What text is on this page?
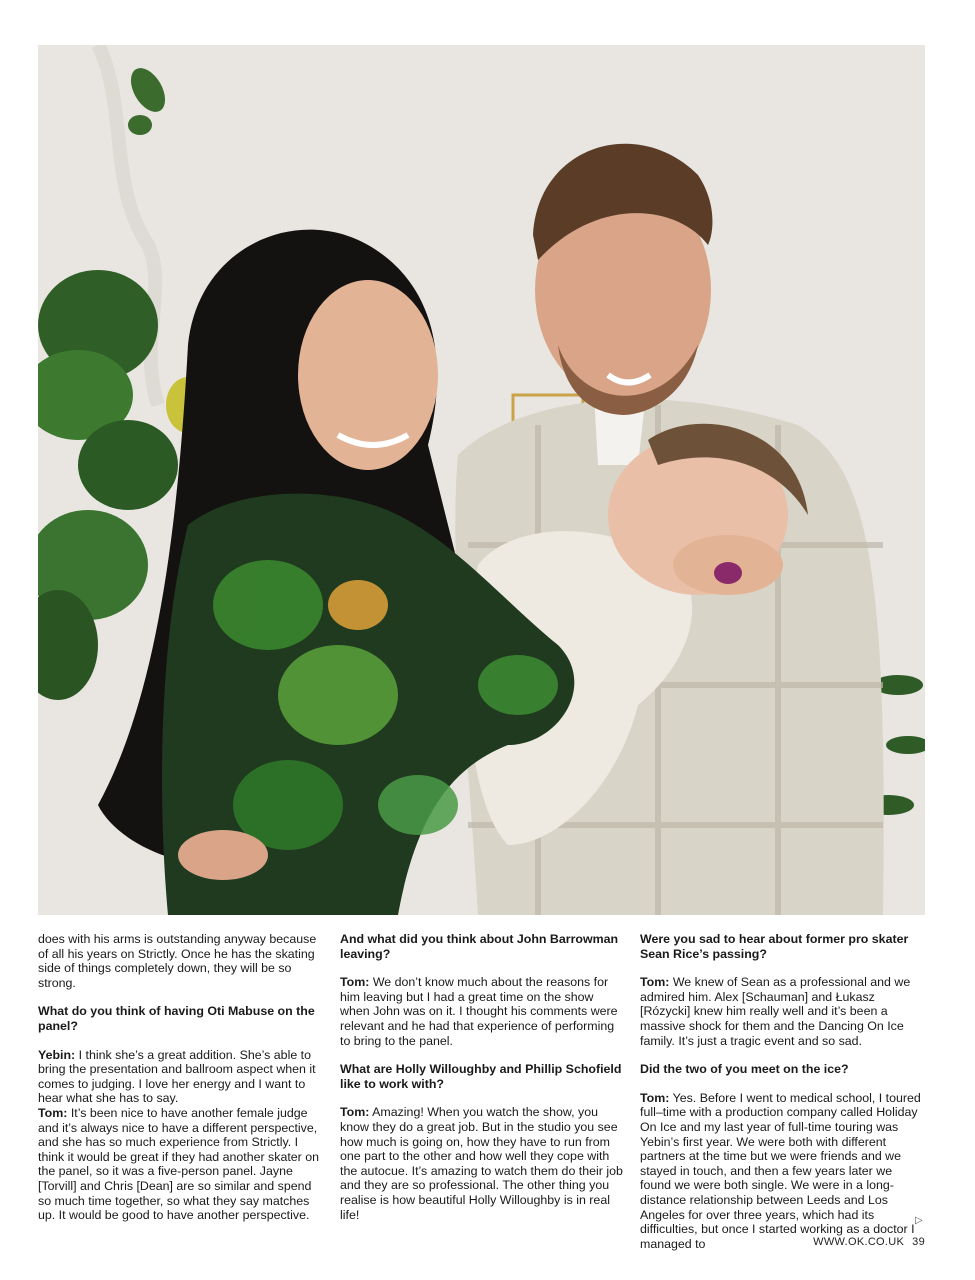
does with his arms is outstanding anyway because of all his years on Strictly. Once he has the skating side of things completely down, they will be so strong.

What do you think of having Oti Mabuse on the panel?

Yebin: I think she’s a great addition. She’s able to bring the presentation and ballroom aspect when it comes to judging. I love her energy and I want to hear what she has to say.

Tom: It’s been nice to have another female judge and it’s always nice to have a different perspective, and she has so much experience from Strictly. I think it would be great if they had another skater on the panel, so it was a five-person panel. Jayne [Torvill] and Chris [Dean] are so similar and spend so much time together, so what they say matches up. It would be good to have another perspective.

And what did you think about John Barrowman leaving?

Tom: We don’t know much about the reasons for him leaving but I had a great time on the show when John was on it. I thought his comments were relevant and he had that experience of performing to bring to the panel.

What are Holly Willoughby and Phillip Schofield like to work with?

Tom: Amazing! When you watch the show, you know they do a great job. But in the studio you see how much is going on, how they have to run from one part to the other and how well they cope with the autocue. It’s amazing to watch them do their job and they are so professional. The other thing you realise is how beautiful Holly Willoughby is in real life!

Were you sad to hear about former pro skater Sean Rice’s passing?

Tom: We knew of Sean as a professional and we admired him. Alex [Schauman] and Łukasz [Rózycki] knew him really well and it’s been a massive shock for them and the Dancing On Ice family. It’s just a tragic event and so sad.

Did the two of you meet on the ice?

Tom: Yes. Before I went to medical school, I toured full–time with a production company called Holiday On Ice and my last year of full-time touring was Yebin’s first year. We were both with different partners at the time but we were friends and we stayed in touch, and then a few years later we found we were both single. We were in a long-distance relationship between Leeds and Los Angeles for over three years, which had its difficulties, but once I started working as a doctor I managed to

▷
WWW.OK.CO.UK 39
